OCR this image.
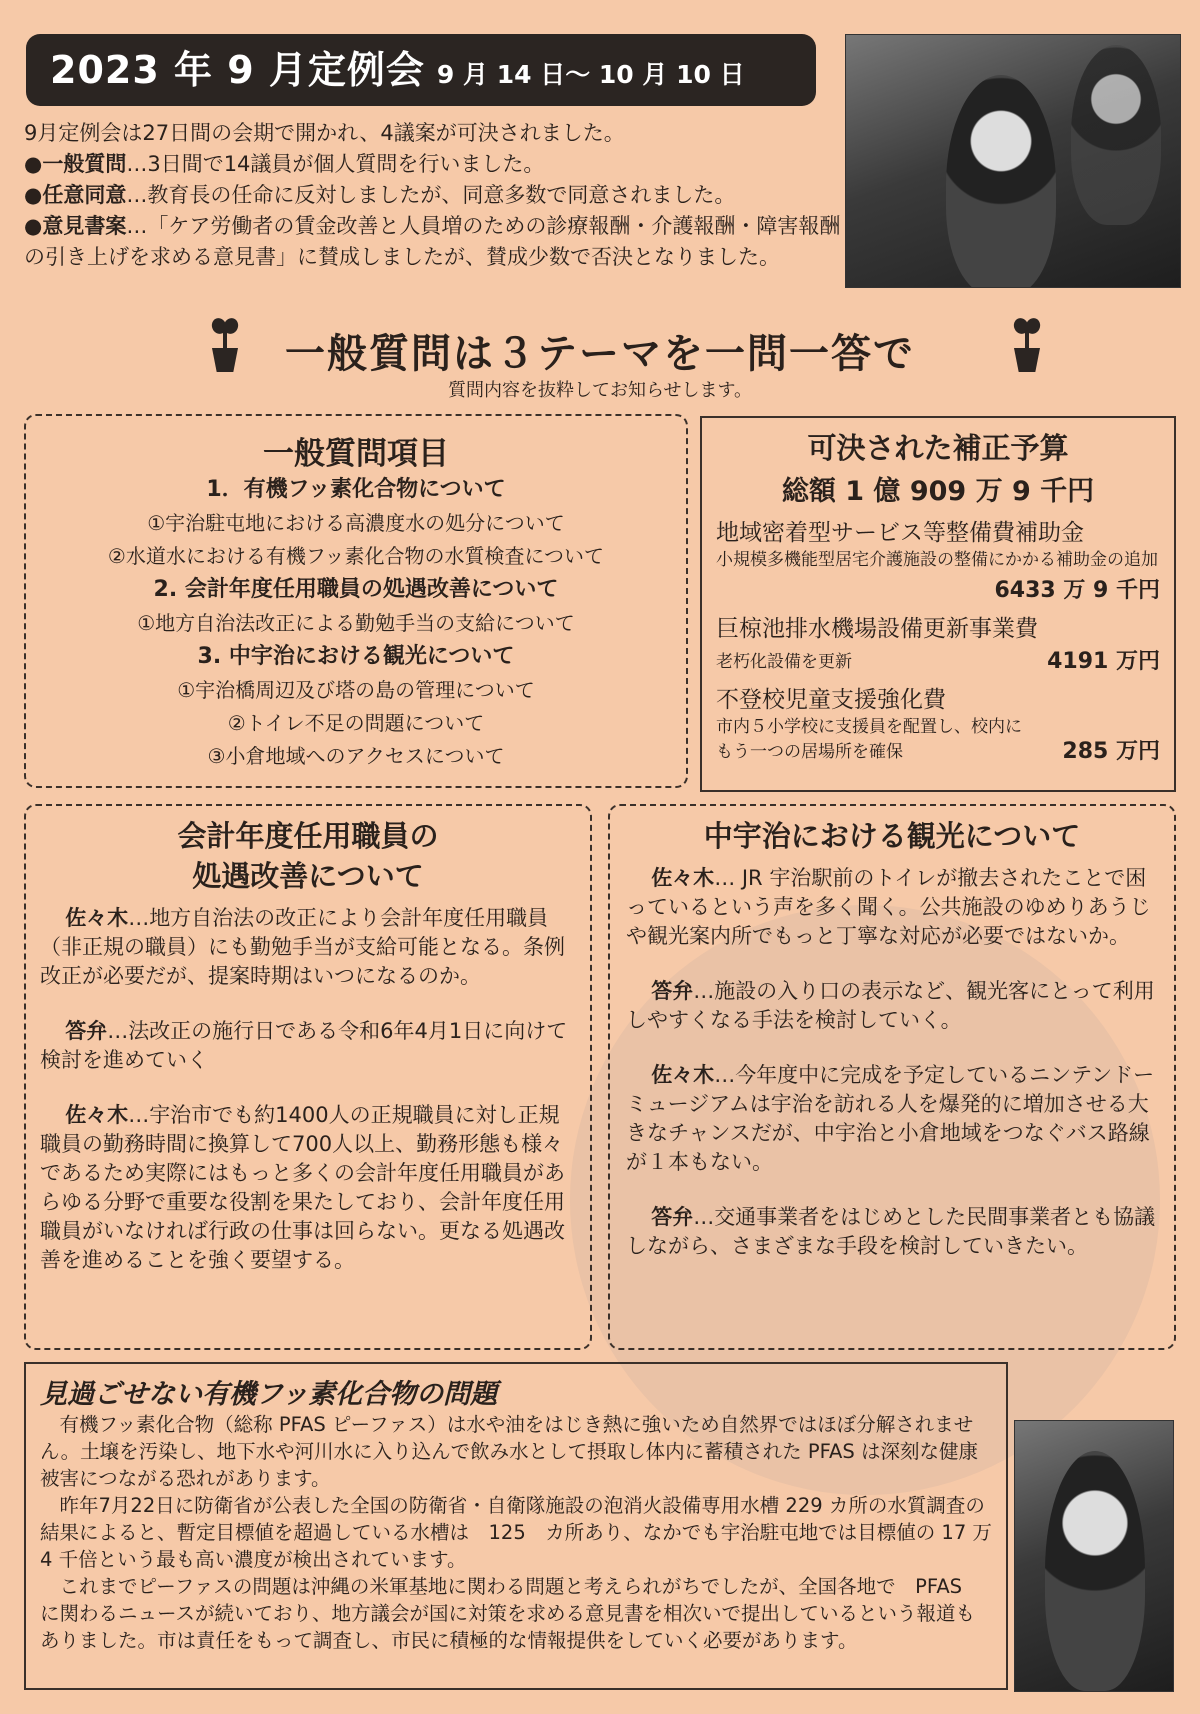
2023 年 9 月定例会 9 月 14 日～ 10 月 10 日

9月定例会は27日間の会期で開かれ、4議案が可決されました。

●一般質問…3日間で14議員が個人質問を行いました。

●任意同意…教育長の任命に反対しましたが、同意多数で同意されました。

●意見書案…「ケア労働者の賃金改善と人員増のための診療報酬・介護報酬・障害報酬の引き上げを求める意見書」に賛成しましたが、賛成少数で否決となりました。

一般質問は３テーマを一問一答で
質問内容を抜粋してお知らせします。
一般質問項目
1．有機フッ素化合物について
①宇治駐屯地における高濃度水の処分について
②水道水における有機フッ素化合物の水質検査について
2. 会計年度任用職員の処遇改善について
①地方自治法改正による勤勉手当の支給について
3. 中宇治における観光について
①宇治橋周辺及び塔の島の管理について
②トイレ不足の問題について
③小倉地域へのアクセスについて
可決された補正予算
総額 1 億 909 万 9 千円
地域密着型サービス等整備費補助金
小規模多機能型居宅介護施設の整備にかかる補助金の追加
6433 万 9 千円
巨椋池排水機場設備更新事業費
老朽化設備を更新	4191 万円
不登校児童支援強化費
市内５小学校に支援員を配置し、校内にもう一つの居場所を確保	285 万円
会計年度任用職員の
処遇改善について

佐々木…地方自治法の改正により会計年度任用職員（非正規の職員）にも勤勉手当が支給可能となる。条例改正が必要だが、提案時期はいつになるのか。

答弁…法改正の施行日である令和6年4月1日に向けて検討を進めていく

佐々木…宇治市でも約1400人の正規職員に対し正規職員の勤務時間に換算して700人以上、勤務形態も様々であるため実際にはもっと多くの会計年度任用職員があらゆる分野で重要な役割を果たしており、会計年度任用職員がいなければ行政の仕事は回らない。更なる処遇改善を進めることを強く要望する。

中宇治における観光について

佐々木… JR 宇治駅前のトイレが撤去されたことで困っているという声を多く聞く。公共施設のゆめりあうじや観光案内所でもっと丁寧な対応が必要ではないか。

答弁…施設の入り口の表示など、観光客にとって利用しやすくなる手法を検討していく。

佐々木…今年度中に完成を予定しているニンテンドーミュージアムは宇治を訪れる人を爆発的に増加させる大きなチャンスだが、中宇治と小倉地域をつなぐバス路線が１本もない。

答弁…交通事業者をはじめとした民間事業者とも協議しながら、さまざまな手段を検討していきたい。

見過ごせない有機フッ素化合物の問題

有機フッ素化合物（総称 PFAS ピーファス）は水や油をはじき熱に強いため自然界ではほぼ分解されません。土壌を汚染し、地下水や河川水に入り込んで飲み水として摂取し体内に蓄積された PFAS は深刻な健康被害につながる恐れがあります。

昨年7月22日に防衛省が公表した全国の防衛省・自衛隊施設の泡消火設備専用水槽 229 カ所の水質調査の結果によると、暫定目標値を超過している水槽は　125　カ所あり、なかでも宇治駐屯地では目標値の 17 万 4 千倍という最も高い濃度が検出されています。

これまでピーファスの問題は沖縄の米軍基地に関わる問題と考えられがちでしたが、全国各地で　PFAS　に関わるニュースが続いており、地方議会が国に対策を求める意見書を相次いで提出しているという報道もありました。市は責任をもって調査し、市民に積極的な情報提供をしていく必要があります。
